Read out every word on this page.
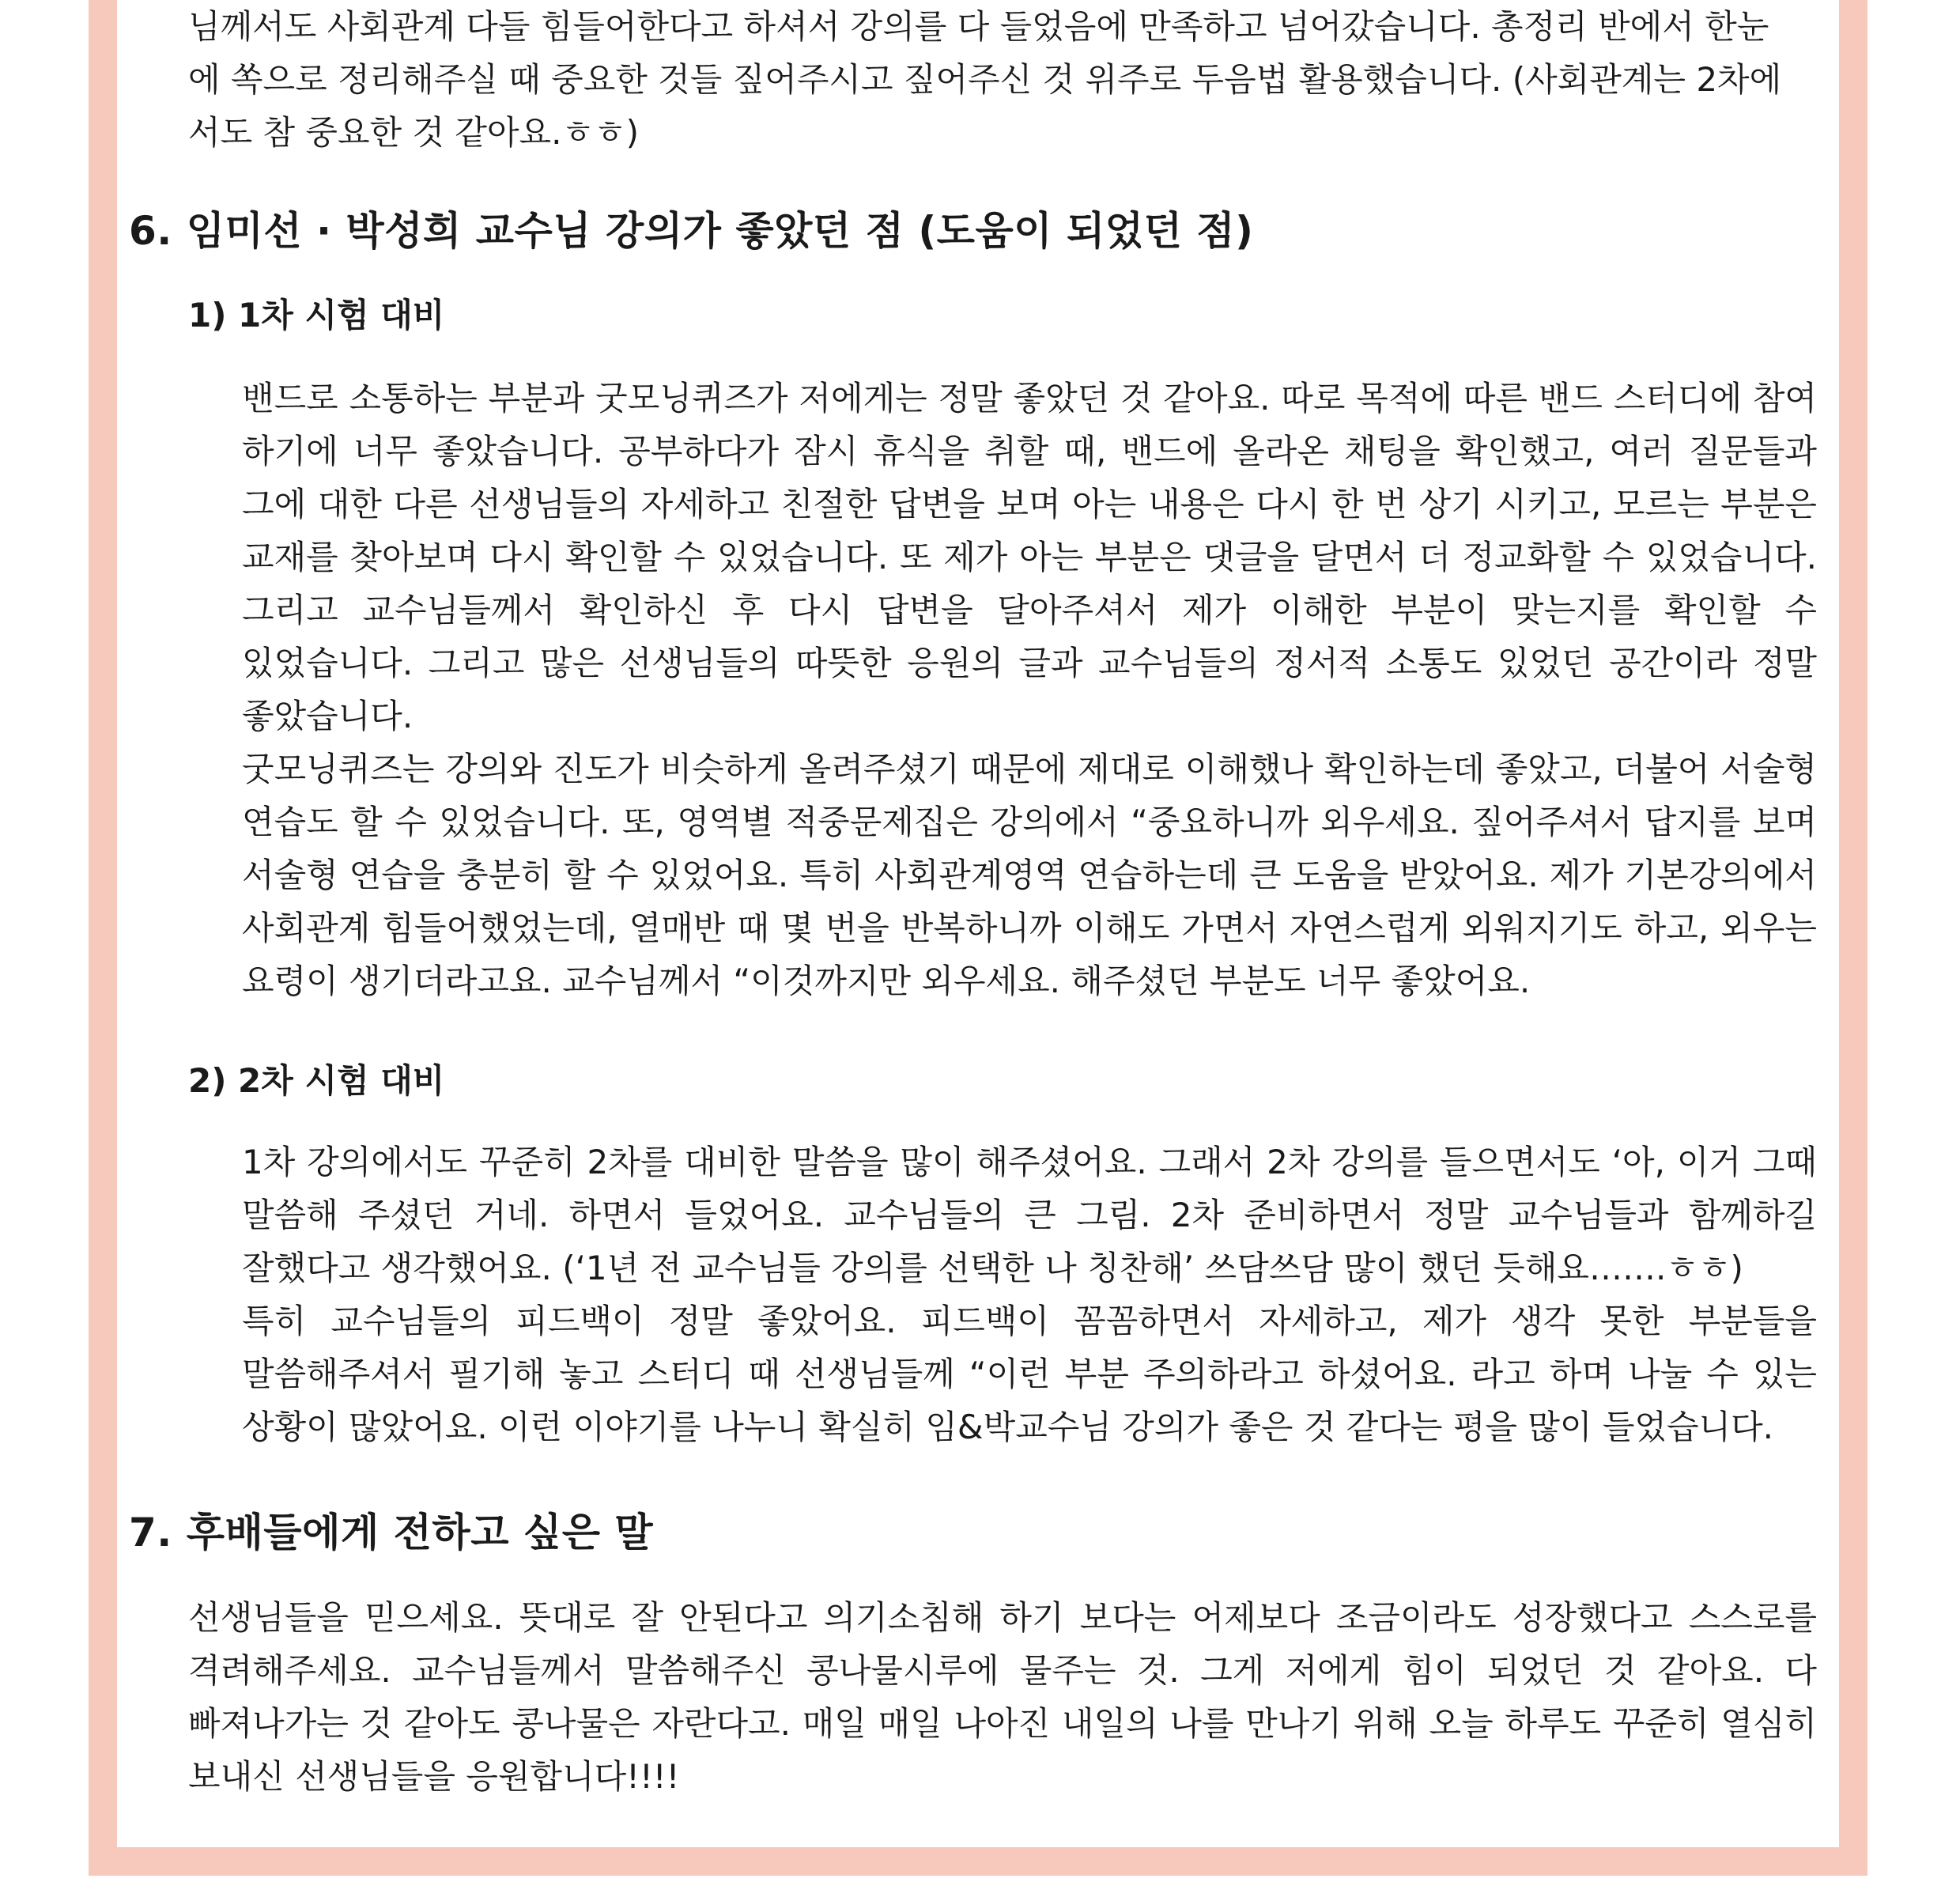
님께서도 사회관계 다들 힘들어한다고 하셔서 강의를 다 들었음에 만족하고 넘어갔습니다. 총정리 반에서 한눈
에 쏙으로 정리해주실 때 중요한 것들 짚어주시고 짚어주신 것 위주로 두음법 활용했습니다. (사회관계는 2차에
서도 참 중요한 것 같아요.ㅎㅎ)
6. 임미선 · 박성희 교수님 강의가 좋았던 점 (도움이 되었던 점)
1) 1차 시험 대비

밴드로 소통하는 부분과 굿모닝퀴즈가 저에게는 정말 좋았던 것 같아요. 따로 목적에 따른 밴드 스터디에 참여 하기에 너무 좋았습니다. 공부하다가 잠시 휴식을 취할 때, 밴드에 올라온 채팅을 확인했고, 여러 질문들과 그에 대한 다른 선생님들의 자세하고 친절한 답변을 보며 아는 내용은 다시 한 번 상기 시키고, 모르는 부분은 교재를 찾아보며 다시 확인할 수 있었습니다. 또 제가 아는 부분은 댓글을 달면서 더 정교화할 수 있었습니다. 그리고 교수님들께서 확인하신 후 다시 답변을 달아주셔서 제가 이해한 부분이 맞는지를 확인할 수 있었습니다. 그리고 많은 선생님들의 따뜻한 응원의 글과 교수님들의 정서적 소통도 있었던 공간이라 정말 좋았습니다.

굿모닝퀴즈는 강의와 진도가 비슷하게 올려주셨기 때문에 제대로 이해했나 확인하는데 좋았고, 더불어 서술형 연습도 할 수 있었습니다. 또, 영역별 적중문제집은 강의에서 “중요하니까 외우세요. 짚어주셔서 답지를 보며 서술형 연습을 충분히 할 수 있었어요. 특히 사회관계영역 연습하는데 큰 도움을 받았어요. 제가 기본강의에서 사회관계 힘들어했었는데, 열매반 때 몇 번을 반복하니까 이해도 가면서 자연스럽게 외워지기도 하고, 외우는 요령이 생기더라고요. 교수님께서 “이것까지만 외우세요. 해주셨던 부분도 너무 좋았어요.

2) 2차 시험 대비

1차 강의에서도 꾸준히 2차를 대비한 말씀을 많이 해주셨어요. 그래서 2차 강의를 들으면서도 ‘아, 이거 그때 말씀해 주셨던 거네. 하면서 들었어요. 교수님들의 큰 그림. 2차 준비하면서 정말 교수님들과 함께하길 잘했다고 생각했어요. (‘1년 전 교수님들 강의를 선택한 나 칭찬해’ 쓰담쓰담 많이 했던 듯해요…….ㅎㅎ)

특히 교수님들의 피드백이 정말 좋았어요. 피드백이 꼼꼼하면서 자세하고, 제가 생각 못한 부분들을 말씀해주셔서 필기해 놓고 스터디 때 선생님들께 “이런 부분 주의하라고 하셨어요. 라고 하며 나눌 수 있는 상황이 많았어요. 이런 이야기를 나누니 확실히 임&박교수님 강의가 좋은 것 같다는 평을 많이 들었습니다.

7. 후배들에게 전하고 싶은 말

선생님들을 믿으세요. 뜻대로 잘 안된다고 의기소침해 하기 보다는 어제보다 조금이라도 성장했다고 스스로를 격려해주세요. 교수님들께서 말씀해주신 콩나물시루에 물주는 것. 그게 저에게 힘이 되었던 것 같아요. 다 빠져나가는 것 같아도 콩나물은 자란다고. 매일 매일 나아진 내일의 나를 만나기 위해 오늘 하루도 꾸준히 열심히 보내신 선생님들을 응원합니다!!!!
